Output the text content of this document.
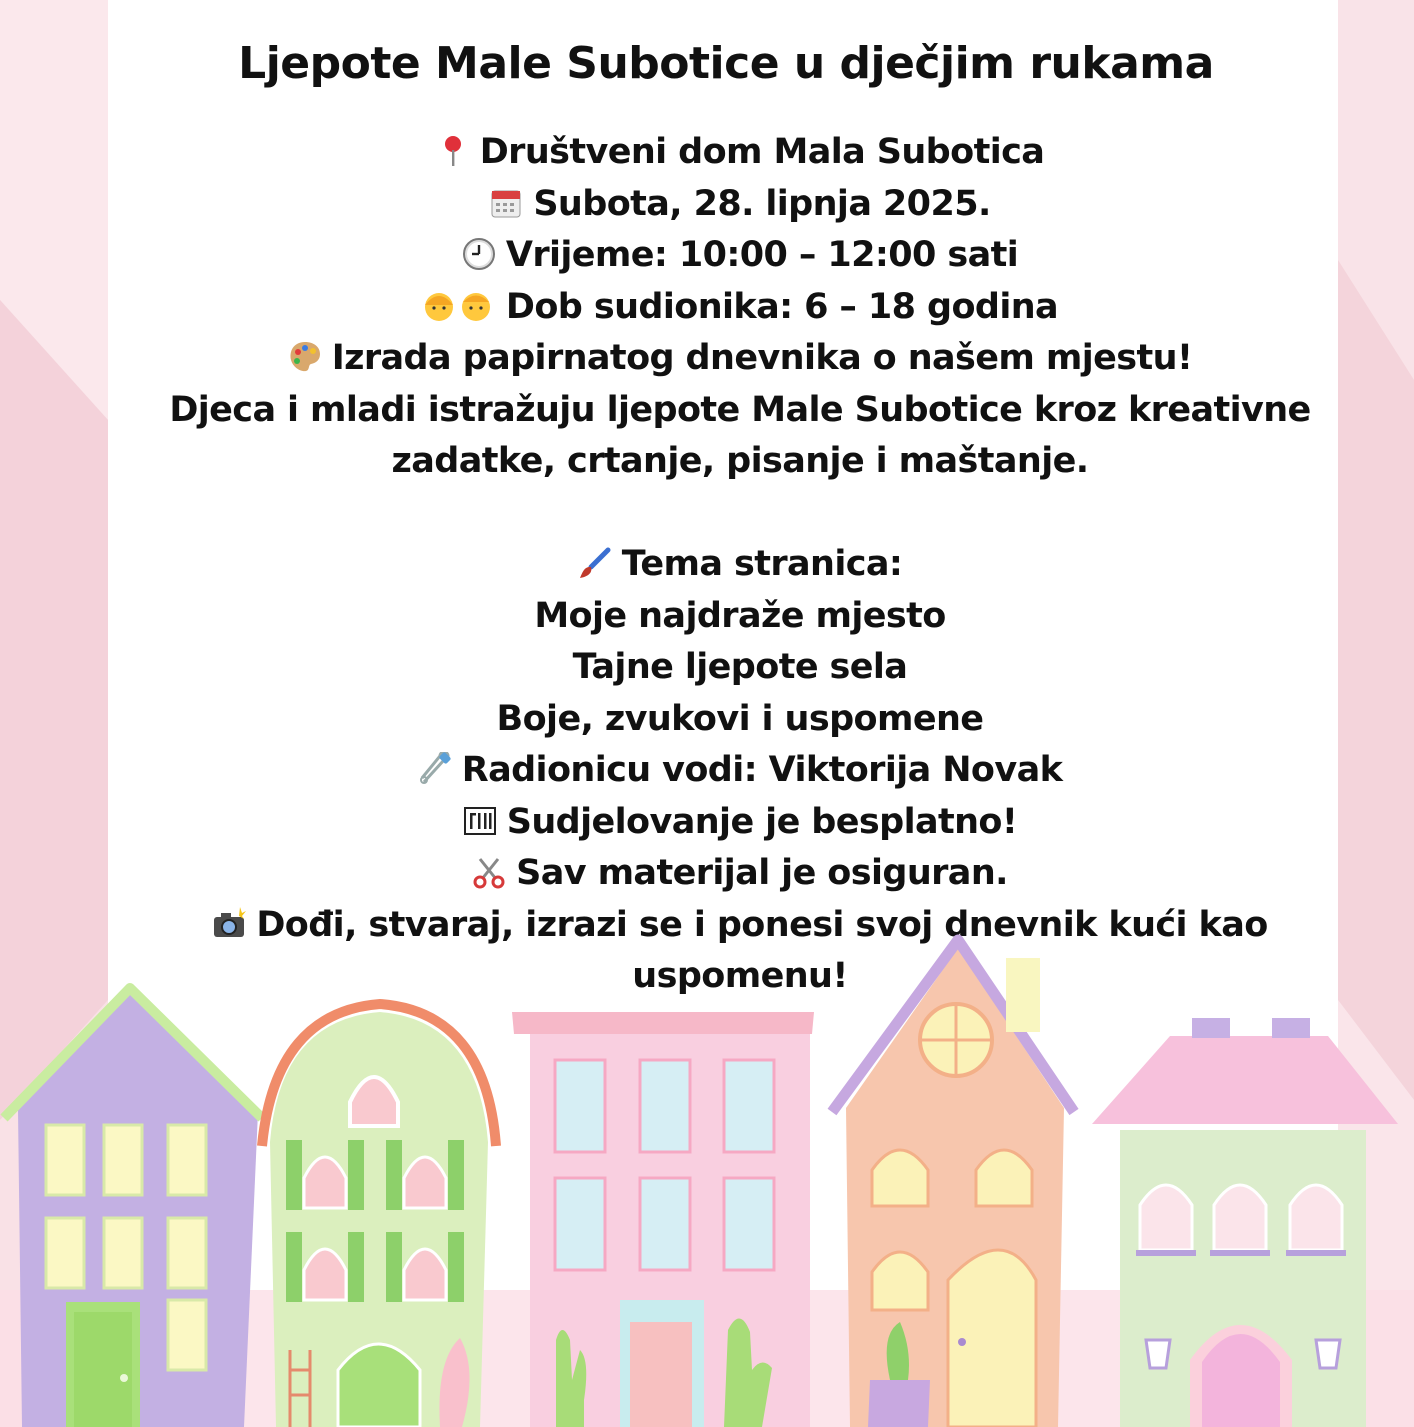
Ljepote Male Subotice u dječjim rukama
Društveni dom Mala Subotica
Subota, 28. lipnja 2025.
Vrijeme: 10:00 – 12:00 sati
Dob sudionika: 6 – 18 godina
Izrada papirnatog dnevnika o našem mjestu!
Djeca i mladi istražuju ljepote Male Subotice kroz kreativne
zadatke, crtanje, pisanje i maštanje.
Tema stranica:
Moje najdraže mjesto
Tajne ljepote sela
Boje, zvukovi i uspomene
Radionicu vodi: Viktorija Novak
Sudjelovanje je besplatno!
Sav materijal je osiguran.
Dođi, stvaraj, izrazi se i ponesi svoj dnevnik kući kao
uspomenu!
